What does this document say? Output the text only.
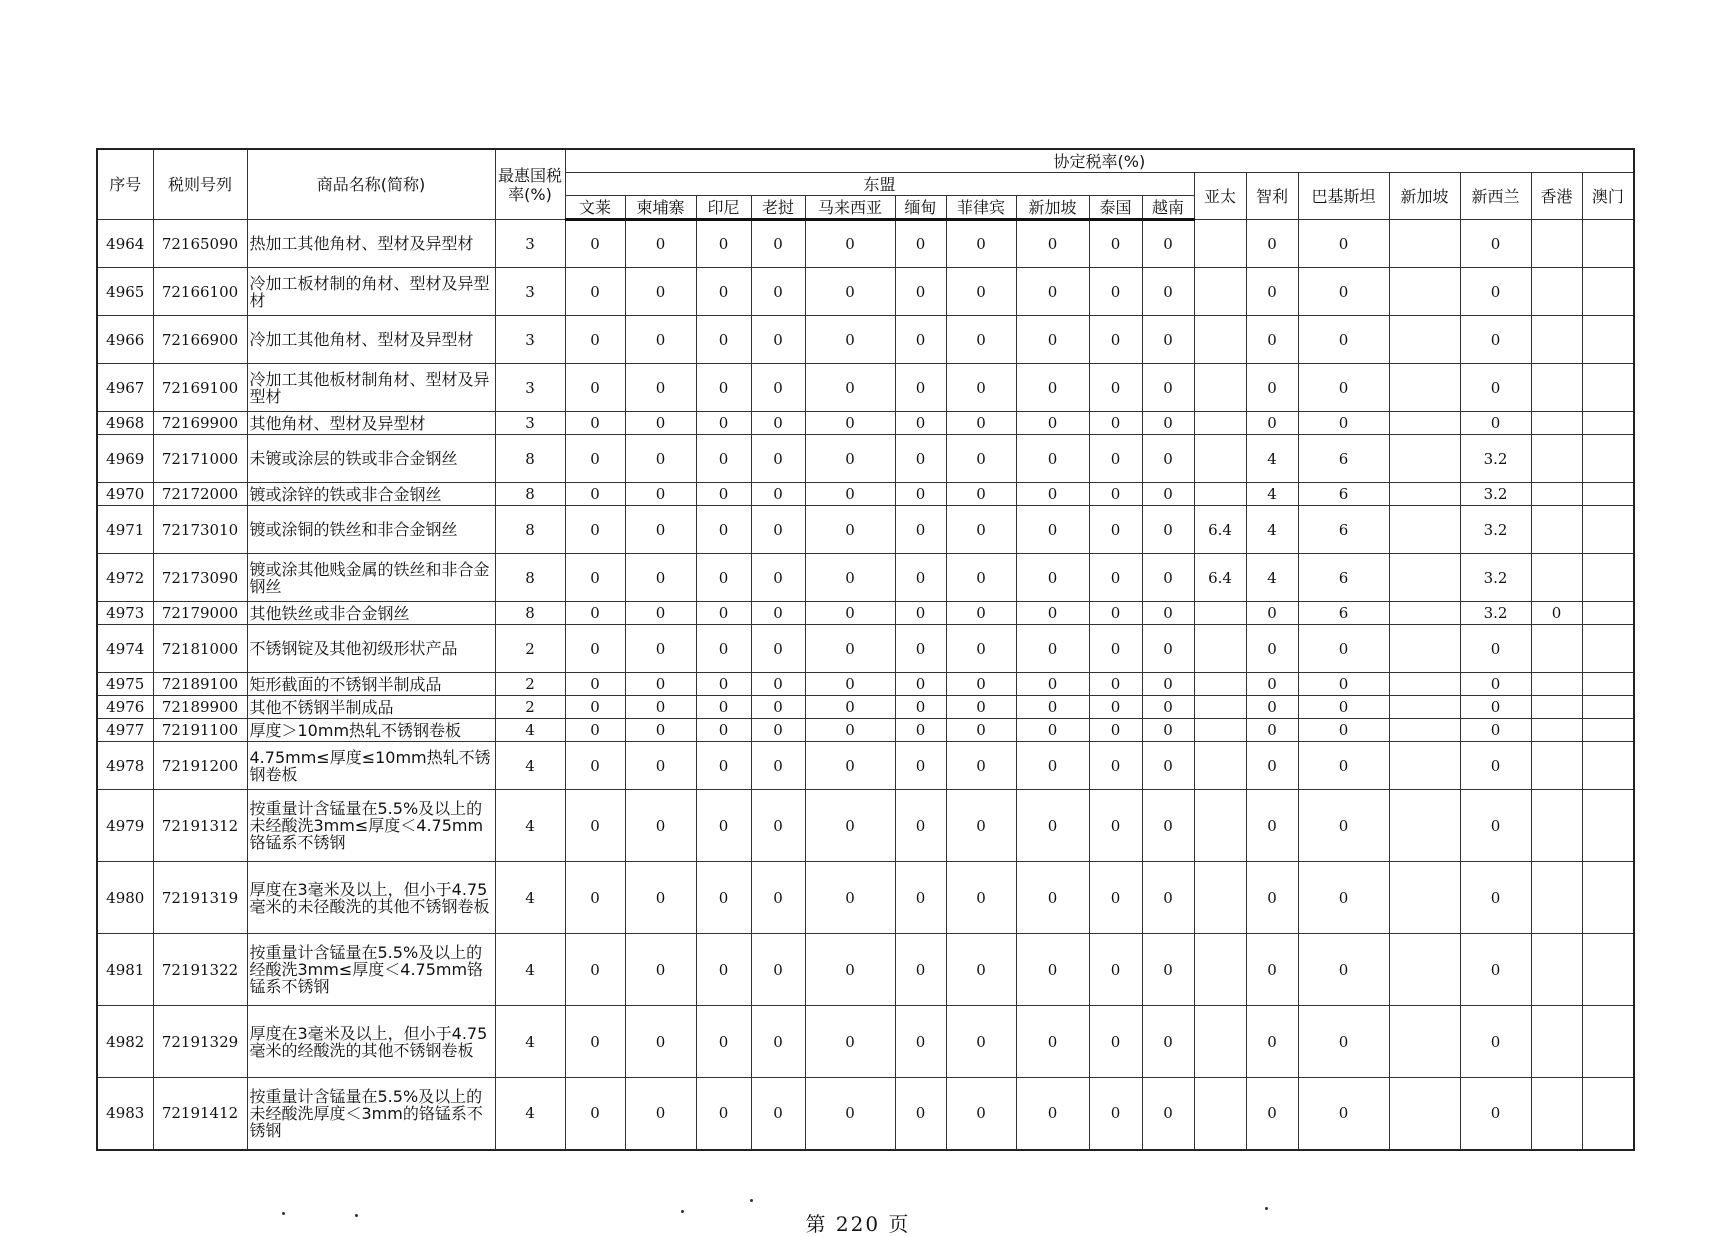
序号	税则号列	商品名称(简称)	最惠国税率(%)	协定税率(%)																
				东盟										亚太	智利	巴基斯坦	新加坡	新西兰	香港	澳门
				文莱	柬埔寨	印尼	老挝	马来西亚	缅甸	菲律宾	新加坡	泰国	越南							
4964	72165090	热加工其他角材、型材及异型材	3	0	0	0	0	0	0	0	0	0	0		0	0		0		
4965	72166100	冷加工板材制的角材、型材及异型材	3	0	0	0	0	0	0	0	0	0	0		0	0		0		
4966	72166900	冷加工其他角材、型材及异型材	3	0	0	0	0	0	0	0	0	0	0		0	0		0		
4967	72169100	冷加工其他板材制角材、型材及异型材	3	0	0	0	0	0	0	0	0	0	0		0	0		0		
4968	72169900	其他角材、型材及异型材	3	0	0	0	0	0	0	0	0	0	0		0	0		0		
4969	72171000	未镀或涂层的铁或非合金钢丝	8	0	0	0	0	0	0	0	0	0	0		4	6		3.2		
4970	72172000	镀或涂锌的铁或非合金钢丝	8	0	0	0	0	0	0	0	0	0	0		4	6		3.2		
4971	72173010	镀或涂铜的铁丝和非合金钢丝	8	0	0	0	0	0	0	0	0	0	0	6.4	4	6		3.2		
4972	72173090	镀或涂其他贱金属的铁丝和非合金钢丝	8	0	0	0	0	0	0	0	0	0	0	6.4	4	6		3.2		
4973	72179000	其他铁丝或非合金钢丝	8	0	0	0	0	0	0	0	0	0	0		0	6		3.2	0	
4974	72181000	不锈钢锭及其他初级形状产品	2	0	0	0	0	0	0	0	0	0	0		0	0		0		
4975	72189100	矩形截面的不锈钢半制成品	2	0	0	0	0	0	0	0	0	0	0		0	0		0		
4976	72189900	其他不锈钢半制成品	2	0	0	0	0	0	0	0	0	0	0		0	0		0		
4977	72191100	厚度＞10mm热轧不锈钢卷板	4	0	0	0	0	0	0	0	0	0	0		0	0		0		
4978	72191200	4.75mm≤厚度≤10mm热轧不锈钢卷板	4	0	0	0	0	0	0	0	0	0	0		0	0		0		
4979	72191312	按重量计含锰量在5.5%及以上的未经酸洗3mm≤厚度＜4.75mm铬锰系不锈钢	4	0	0	0	0	0	0	0	0	0	0		0	0		0		
4980	72191319	厚度在3毫米及以上，但小于4.75毫米的未径酸洗的其他不锈钢卷板	4	0	0	0	0	0	0	0	0	0	0		0	0		0		
4981	72191322	按重量计含锰量在5.5%及以上的经酸洗3mm≤厚度＜4.75mm铬锰系不锈钢	4	0	0	0	0	0	0	0	0	0	0		0	0		0		
4982	72191329	厚度在3毫米及以上，但小于4.75毫米的经酸洗的其他不锈钢卷板	4	0	0	0	0	0	0	0	0	0	0		0	0		0		
4983	72191412	按重量计含锰量在5.5%及以上的未经酸洗厚度＜3mm的铬锰系不锈钢	4	0	0	0	0	0	0	0	0	0	0		0	0		0		
第 220 页
